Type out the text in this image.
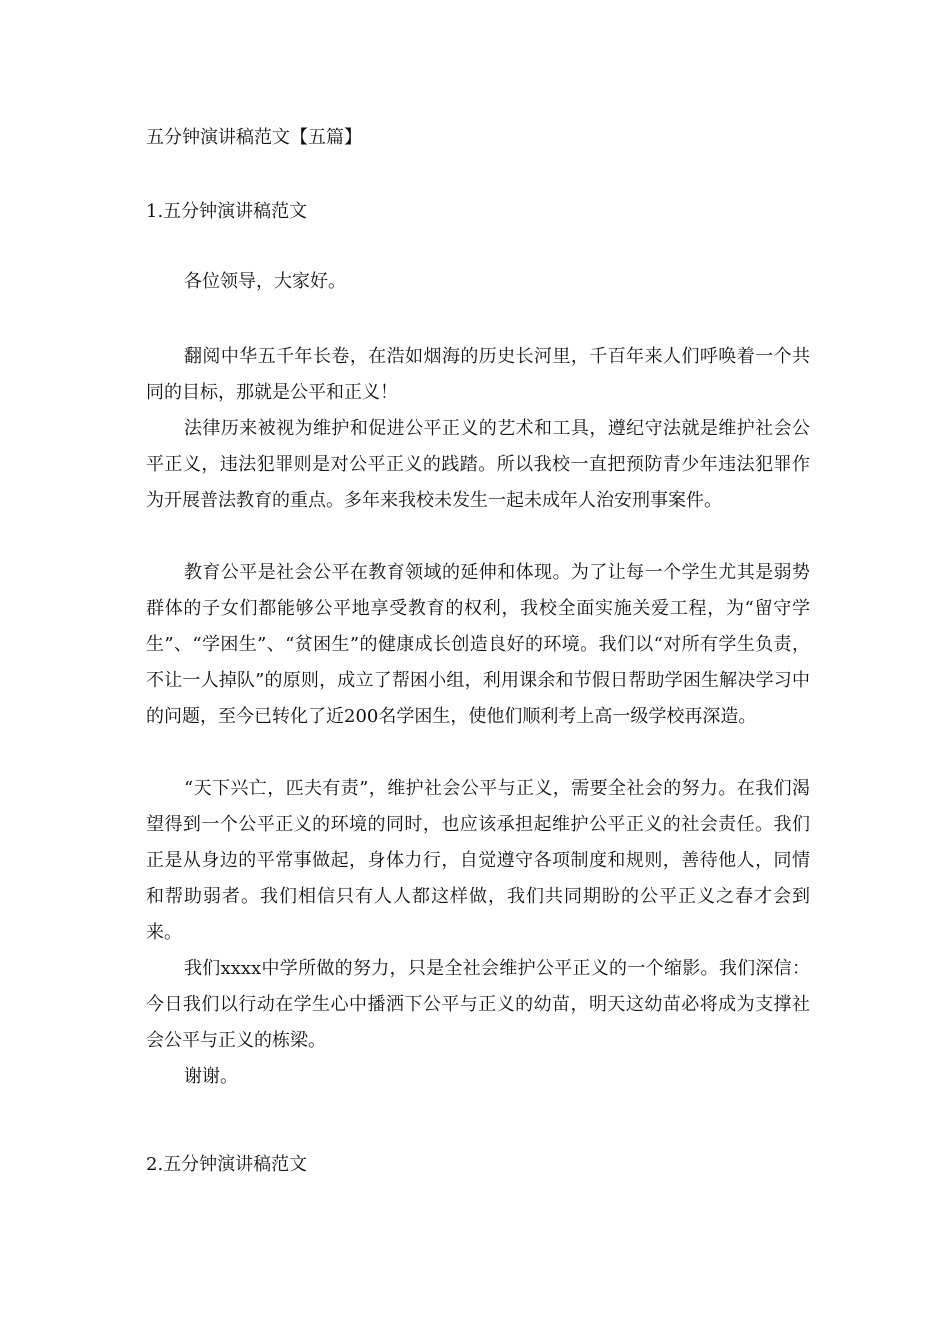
五分钟演讲稿范文【五篇】
1.五分钟演讲稿范文

各位领导，大家好。

翻阅中华五千年长卷，在浩如烟海的历史长河里，千百年来人们呼唤着一个共同的目标，那就是公平和正义！

法律历来被视为维护和促进公平正义的艺术和工具，遵纪守法就是维护社会公平正义，违法犯罪则是对公平正义的践踏。所以我校一直把预防青少年违法犯罪作为开展普法教育的重点。多年来我校未发生一起未成年人治安刑事案件。

教育公平是社会公平在教育领域的延伸和体现。为了让每一个学生尤其是弱势群体的子女们都能够公平地享受教育的权利，我校全面实施关爱工程，为“留守学生”、“学困生”、“贫困生”的健康成长创造良好的环境。我们以“对所有学生负责，不让一人掉队”的原则，成立了帮困小组，利用课余和节假日帮助学困生解决学习中的问题，至今已转化了近200名学困生，使他们顺利考上高一级学校再深造。

“天下兴亡，匹夫有责”，维护社会公平与正义，需要全社会的努力。在我们渴望得到一个公平正义的环境的同时，也应该承担起维护公平正义的社会责任。我们正是从身边的平常事做起，身体力行，自觉遵守各项制度和规则，善待他人，同情和帮助弱者。我们相信只有人人都这样做，我们共同期盼的公平正义之春才会到来。

我们xxxx中学所做的努力，只是全社会维护公平正义的一个缩影。我们深信：今日我们以行动在学生心中播洒下公平与正义的幼苗，明天这幼苗必将成为支撑社会公平与正义的栋梁。

谢谢。

2.五分钟演讲稿范文
